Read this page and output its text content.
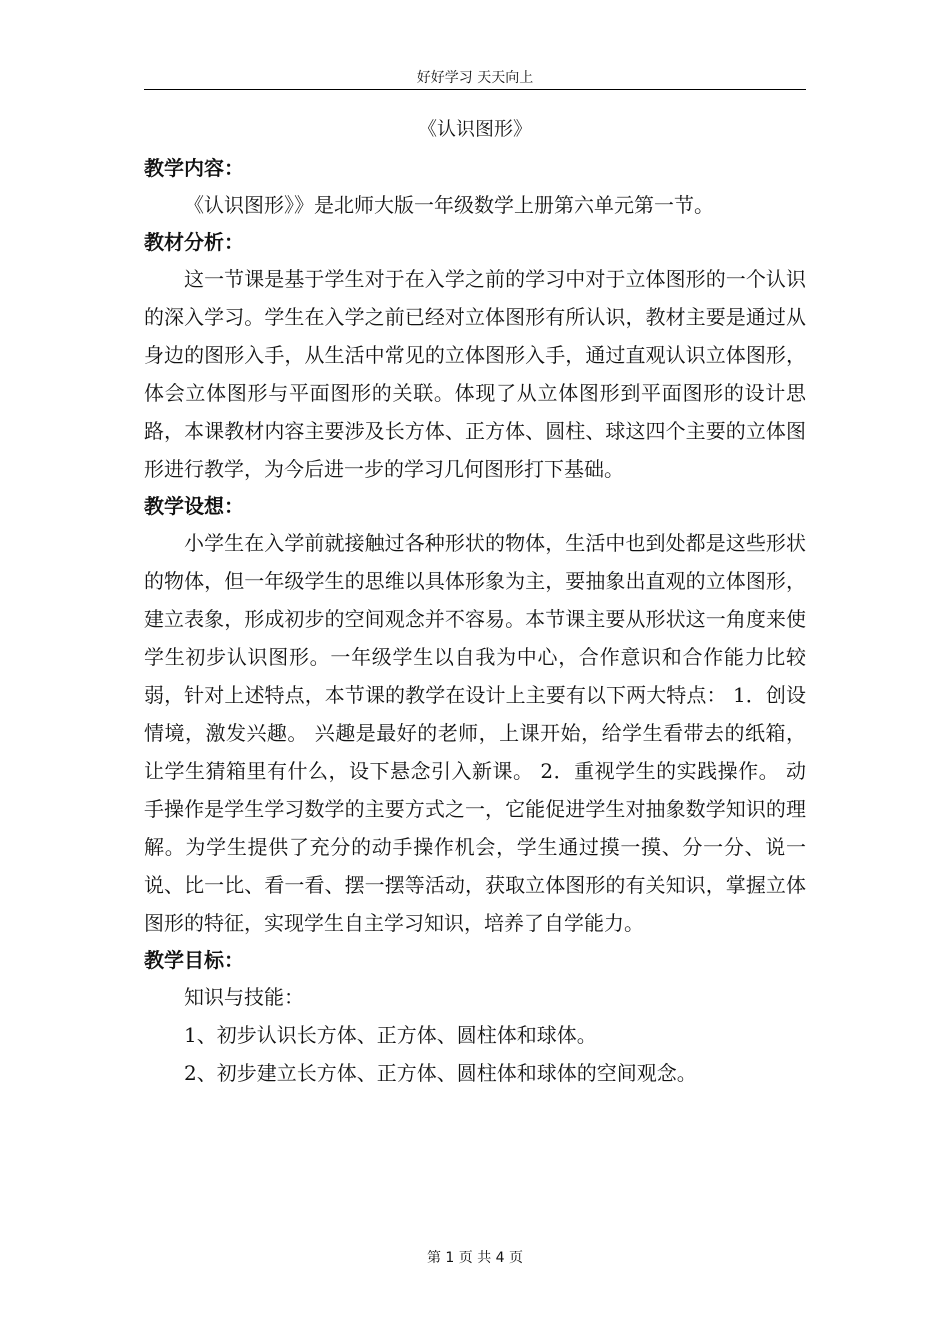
好好学习 天天向上
《认识图形》
教学内容：

《认识图形》》是北师大版一年级数学上册第六单元第一节。

教材分析：

这一节课是基于学生对于在入学之前的学习中对于立体图形的一个认识的深入学习。学生在入学之前已经对立体图形有所认识，教材主要是通过从身边的图形入手，从生活中常见的立体图形入手，通过直观认识立体图形，体会立体图形与平面图形的关联。体现了从立体图形到平面图形的设计思路，本课教材内容主要涉及长方体、正方体、圆柱、球这四个主要的立体图形进行教学，为今后进一步的学习几何图形打下基础。

教学设想：

小学生在入学前就接触过各种形状的物体，生活中也到处都是这些形状的物体，但一年级学生的思维以具体形象为主，要抽象出直观的立体图形，建立表象，形成初步的空间观念并不容易。本节课主要从形状这一角度来使学生初步认识图形。一年级学生以自我为中心，合作意识和合作能力比较弱，针对上述特点，本节课的教学在设计上主要有以下两大特点： 1．创设情境，激发兴趣。 兴趣是最好的老师，上课开始，给学生看带去的纸箱，让学生猜箱里有什么，设下悬念引入新课。 2．重视学生的实践操作。 动手操作是学生学习数学的主要方式之一，它能促进学生对抽象数学知识的理解。为学生提供了充分的动手操作机会，学生通过摸一摸、分一分、说一说、比一比、看一看、摆一摆等活动，获取立体图形的有关知识，掌握立体图形的特征，实现学生自主学习知识，培养了自学能力。

教学目标：

知识与技能：

1、初步认识长方体、正方体、圆柱体和球体。

2、初步建立长方体、正方体、圆柱体和球体的空间观念。

第 1 页 共 4 页
